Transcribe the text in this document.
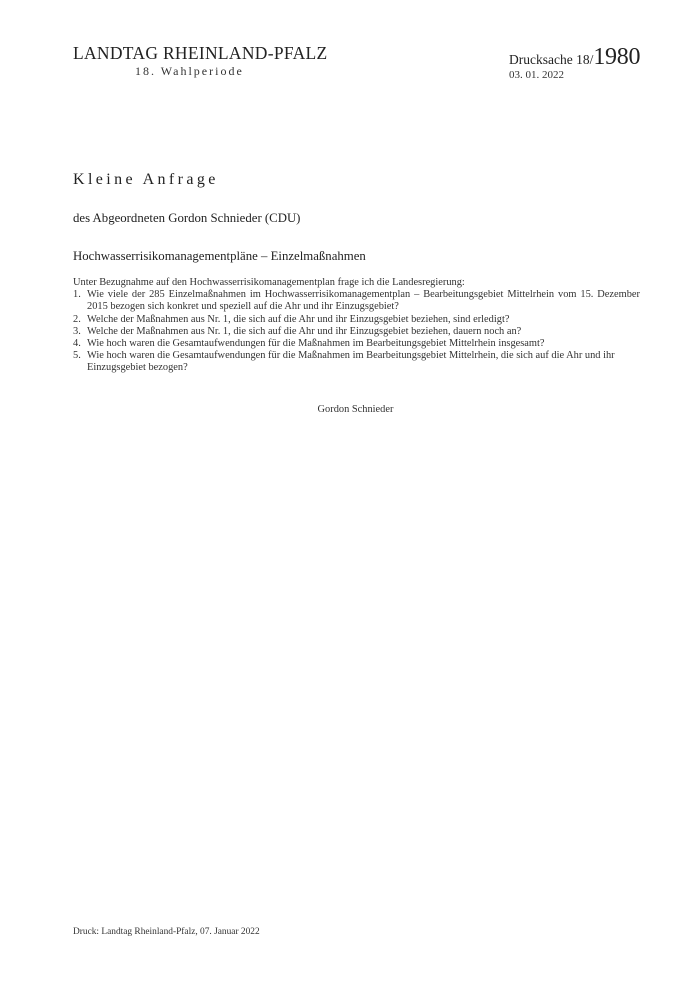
LANDTAG RHEINLAND-PFALZ
18. Wahlperiode
Drucksache 18/1980
03. 01. 2022
Kleine Anfrage
des Abgeordneten Gordon Schnieder (CDU)
Hochwasserrisikomanagementpläne – Einzelmaßnahmen

Unter Bezugnahme auf den Hochwasserrisikomanagementplan frage ich die Landesregierung:

1. Wie viele der 285 Einzelmaßnahmen im Hochwasserrisikomanagementplan – Bearbeitungsgebiet Mittelrhein vom 15. Dezember 2015 bezogen sich konkret und speziell auf die Ahr und ihr Einzugsgebiet?
2. Welche der Maßnahmen aus Nr. 1, die sich auf die Ahr und ihr Einzugsgebiet beziehen, sind erledigt?
3. Welche der Maßnahmen aus Nr. 1, die sich auf die Ahr und ihr Einzugsgebiet beziehen, dauern noch an?
4. Wie hoch waren die Gesamtaufwendungen für die Maßnahmen im Bearbeitungsgebiet Mittelrhein insgesamt?
5. Wie hoch waren die Gesamtaufwendungen für die Maßnahmen im Bearbeitungsgebiet Mittelrhein, die sich auf die Ahr und ihr Einzugsgebiet bezogen?
Gordon Schnieder
Druck: Landtag Rheinland-Pfalz, 07. Januar 2022
